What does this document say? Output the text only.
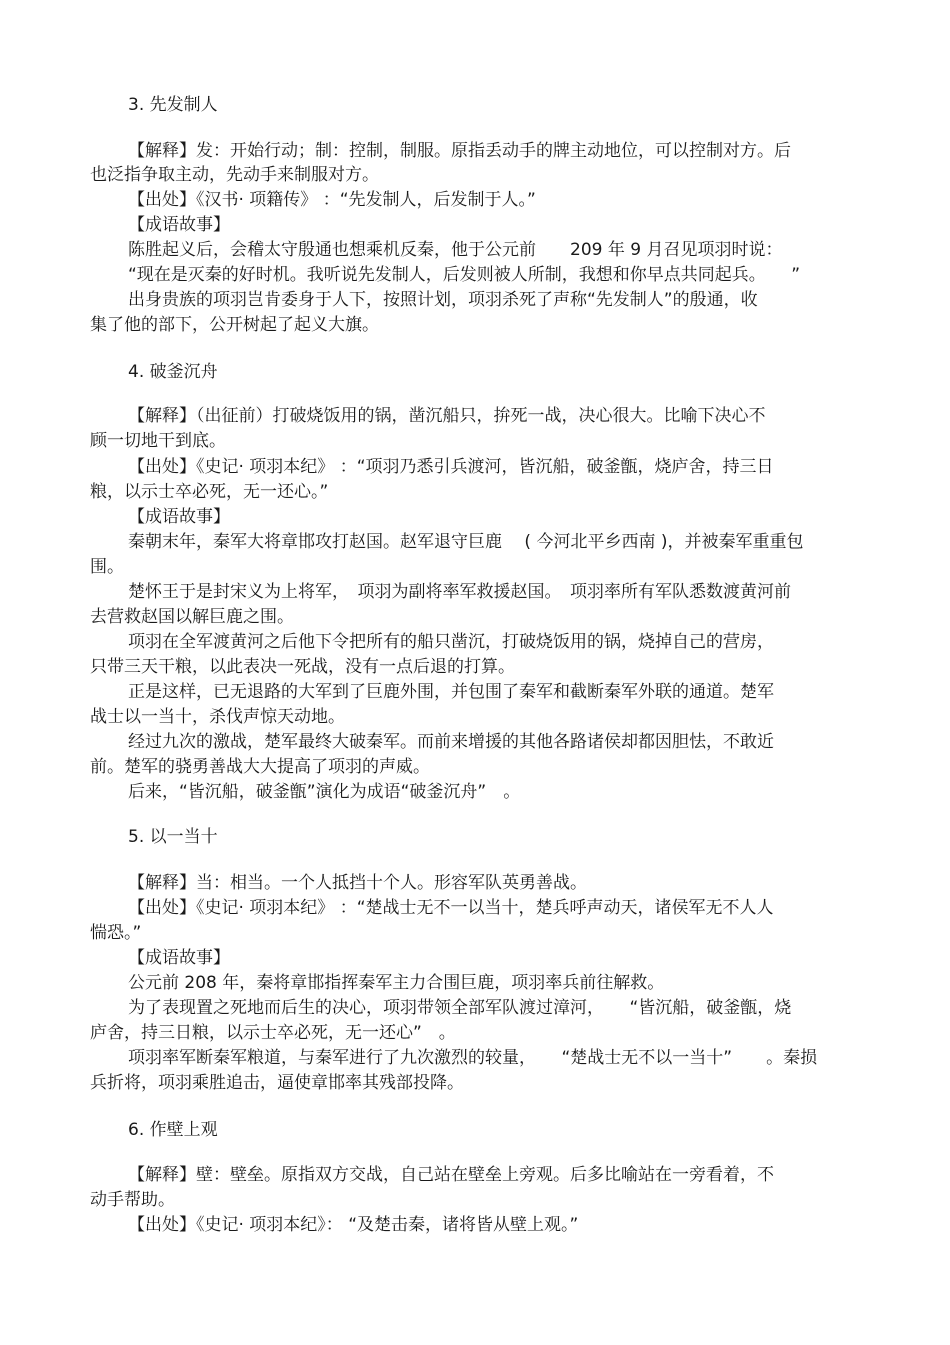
3. 先发制人
【解释】发：开始行动；制：控制，制服。原指丢动手的牌主动地位，可以控制对方。后
也泛指争取主动，先动手来制服对方。
【出处】《汉书· 项籍传》 ：“先发制人，后发制于人。”
【成语故事】
陈胜起义后，会稽太守殷通也想乘机反秦，他于公元前　　209 年 9 月召见项羽时说：
“现在是灭秦的好时机。我听说先发制人，后发则被人所制，我想和你早点共同起兵。　　”
出身贵族的项羽岂肯委身于人下，按照计划，项羽杀死了声称“先发制人”的殷通，收
集了他的部下，公开树起了起义大旗。
4. 破釜沉舟
【解释】（出征前）打破烧饭用的锅，凿沉船只，拚死一战，决心很大。比喻下决心不
顾一切地干到底。
【出处】《史记· 项羽本纪》 ：“项羽乃悉引兵渡河，皆沉船，破釜甑，烧庐舍，持三日
粮，以示士卒必死，无一还心。”
【成语故事】
秦朝末年，秦军大将章邯攻打赵国。赵军退守巨鹿　 ( 今河北平乡西南 )，并被秦军重重包
围。
楚怀王于是封宋义为上将军，　项羽为副将率军救援赵国。　项羽率所有军队悉数渡黄河前
去营救赵国以解巨鹿之围。
项羽在全军渡黄河之后他下令把所有的船只凿沉，打破烧饭用的锅，烧掉自己的营房，
只带三天干粮，以此表决一死战，没有一点后退的打算。
正是这样，已无退路的大军到了巨鹿外围，并包围了秦军和截断秦军外联的通道。楚军
战士以一当十，杀伐声惊天动地。
经过九次的激战，楚军最终大破秦军。而前来增援的其他各路诸侯却都因胆怯，不敢近
前。楚军的骁勇善战大大提高了项羽的声威。
后来，“皆沉船，破釜甑”演化为成语“破釜沉舟”　。
5. 以一当十
【解释】当：相当。一个人抵挡十个人。形容军队英勇善战。
【出处】《史记· 项羽本纪》 ：“楚战士无不一以当十，楚兵呼声动天，诸侯军无不人人
惴恐。”
【成语故事】
公元前 208 年，秦将章邯指挥秦军主力合围巨鹿，项羽率兵前往解救。
为了表现置之死地而后生的决心，项羽带领全部军队渡过漳河，　　“皆沉船，破釜甑，烧
庐舍，持三日粮，以示士卒必死，无一还心”　。
项羽率军断秦军粮道，与秦军进行了九次激烈的较量，　　“楚战士无不以一当十”　　。秦损
兵折将，项羽乘胜追击，逼使章邯率其残部投降。
6. 作壁上观
【解释】壁：壁垒。原指双方交战，自己站在壁垒上旁观。后多比喻站在一旁看着，不
动手帮助。
【出处】《史记· 项羽本纪》： “及楚击秦，诸将皆从壁上观。”
